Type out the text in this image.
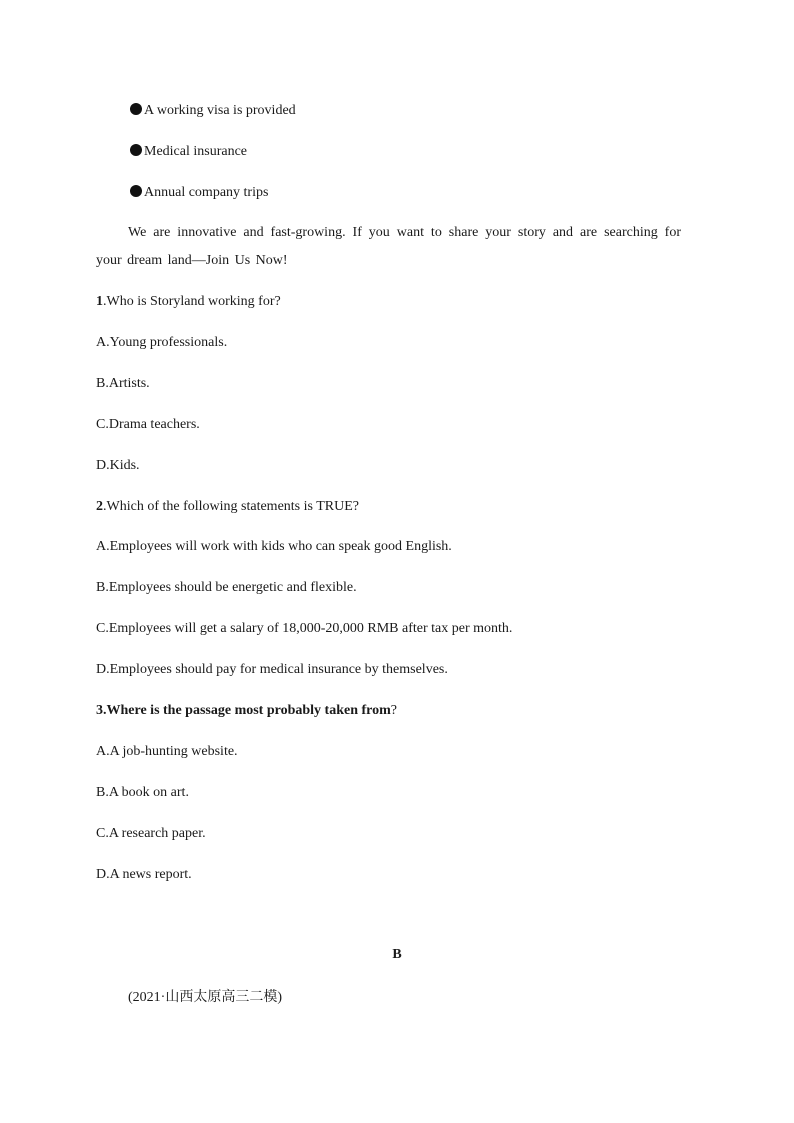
A working visa is provided
Medical insurance
Annual company trips
We are innovative and fast-growing. If you want to share your story and are searching for your dream land—Join Us Now!
1.Who is Storyland working for?
A.Young professionals.
B.Artists.
C.Drama teachers.
D.Kids.
2.Which of the following statements is TRUE?
A.Employees will work with kids who can speak good English.
B.Employees should be energetic and flexible.
C.Employees will get a salary of 18,000-20,000 RMB after tax per month.
D.Employees should pay for medical insurance by themselves.
3.Where is the passage most probably taken from?
A.A job-hunting website.
B.A book on art.
C.A research paper.
D.A news report.
B
(2021·山西太原高三二模)
